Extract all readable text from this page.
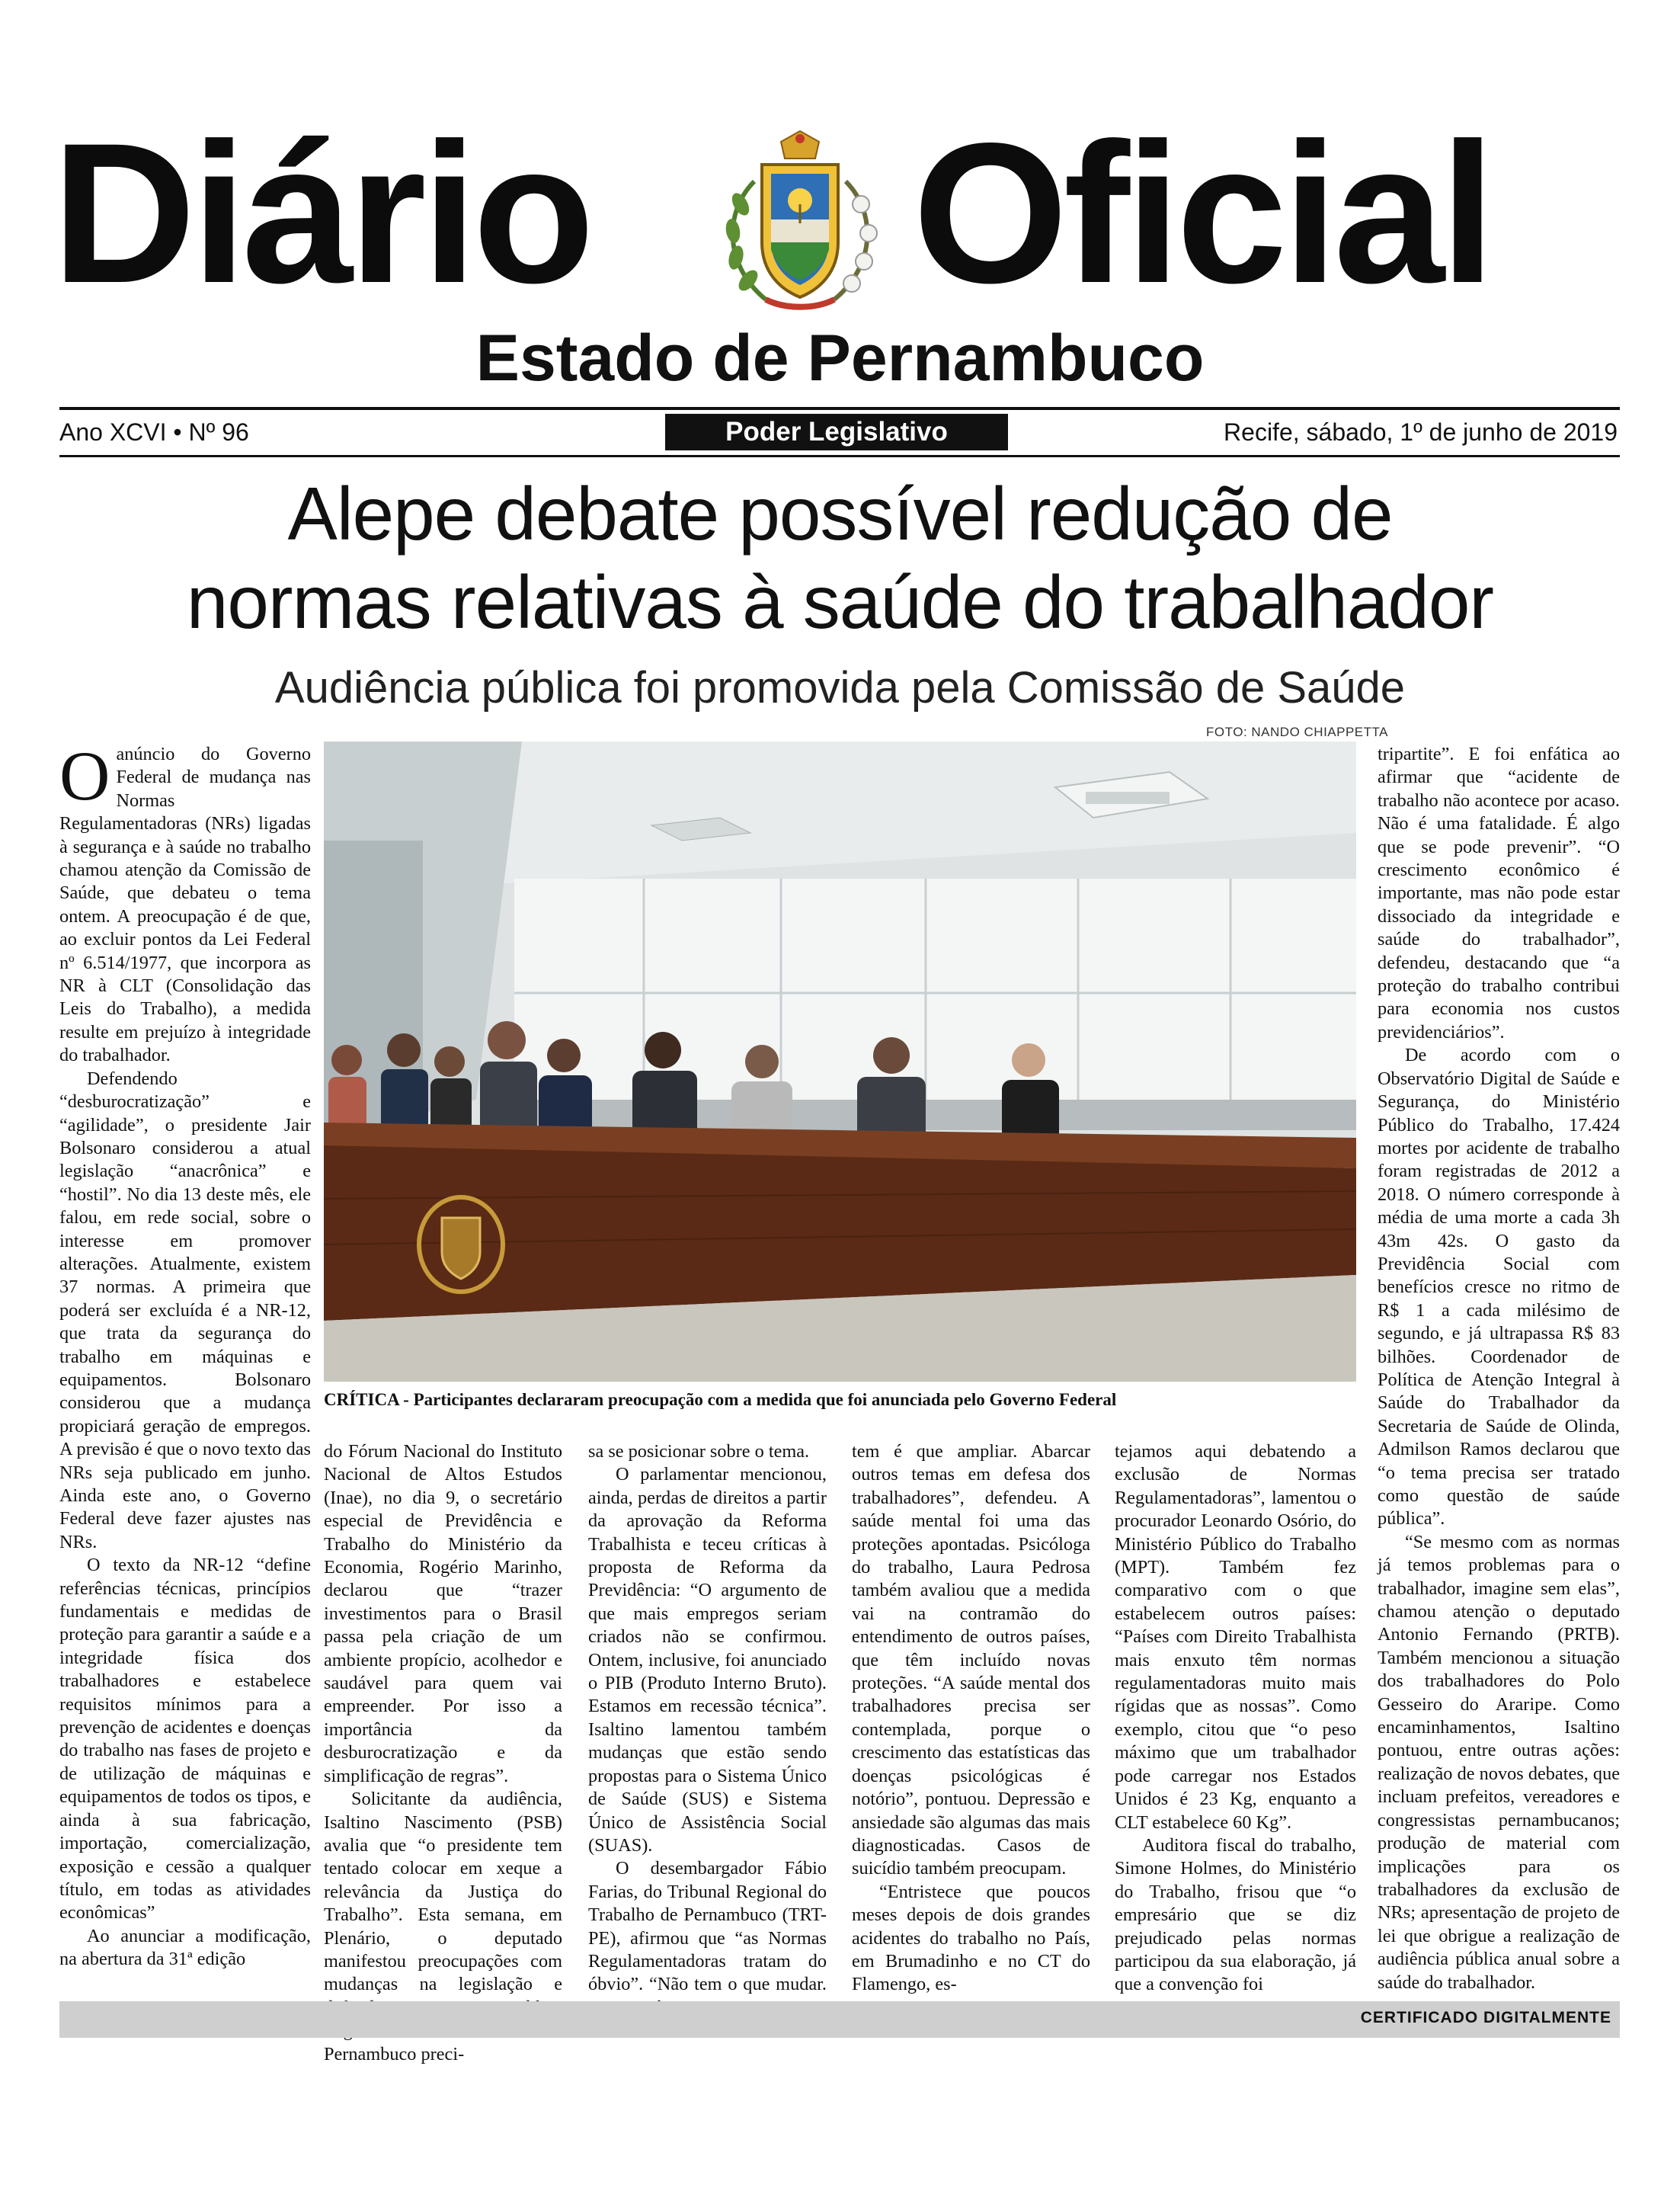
Diário Oficial
Estado de Pernambuco
Ano XCVI • Nº 96	Poder Legislativo	Recife, sábado, 1º de junho de 2019
Alepe debate possível redução de
normas relativas à saúde do trabalhador
Audiência pública foi promovida pela Comissão de Saúde
FOTO: NANDO CHIAPPETTA
CRÍTICA - Participantes declararam preocupação com a medida que foi anunciada pelo Governo Federal

Oanúncio do Governo Federal de mudança nas Normas Regulamentadoras (NRs) ligadas à segurança e à saúde no trabalho chamou atenção da Comissão de Saúde, que debateu o tema ontem. A preocupação é de que, ao excluir pontos da Lei Federal nº 6.514/1977, que incorpora as NR à CLT (Consolidação das Leis do Trabalho), a medida resulte em prejuízo à integridade do trabalhador.

Defendendo “desburocratização” e “agilidade”, o presidente Jair Bolsonaro considerou a atual legislação “anacrônica” e “hostil”. No dia 13 deste mês, ele falou, em rede social, sobre o interesse em promover alterações. Atualmente, existem 37 normas. A primeira que poderá ser excluída é a NR-12, que trata da segurança do trabalho em máquinas e equipamentos. Bolsonaro considerou que a mudança propiciará geração de empregos. A previsão é que o novo texto das NRs seja publicado em junho. Ainda este ano, o Governo Federal deve fazer ajustes nas NRs.

O texto da NR-12 “define referências técnicas, princípios fundamentais e medidas de proteção para garantir a saúde e a integridade física dos trabalhadores e estabelece requisitos mínimos para a prevenção de acidentes e doenças do trabalho nas fases de projeto e de utilização de máquinas e equipamentos de todos os tipos, e ainda à sua fabricação, importação, comercialização, exposição e cessão a qualquer título, em todas as atividades econômicas”

Ao anunciar a modificação, na abertura da 31ª edição

do Fórum Nacional do Instituto Nacional de Altos Estudos (Inae), no dia 9, o secretário especial de Previdência e Trabalho do Ministério da Economia, Rogério Marinho, declarou que “trazer investimentos para o Brasil passa pela criação de um ambiente propício, acolhedor e saudável para quem vai empreender. Por isso a importância da desburocratização e da simplificação de regras”.

Solicitante da audiência, Isaltino Nascimento (PSB) avalia que “o presidente tem tentado colocar em xeque a relevância da Justiça do Trabalho”. Esta semana, em Plenário, o deputado manifestou preocupações com mudanças na legislação e Pernambuco preci-

sa se posicionar sobre o tema.

O parlamentar mencionou, ainda, perdas de direitos a partir da aprovação da Reforma Trabalhista e teceu críticas à proposta de Reforma da Previdência: “O argumento de que mais empregos seriam criados não se confirmou. Ontem, inclusive, foi anunciado o PIB (Produto Interno Bruto). Estamos em recessão técnica”. Isaltino lamentou também mudanças que estão sendo propostas para o Sistema Único de Saúde (SUS) e Sistema Único de Assistência Social (SUAS).

O desembargador Fábio Farias, do Tribunal Regional do Trabalho de Pernambuco (TRT-PE), afirmou que “as Normas Regulamentadoras tratam do óbvio”. “Não tem o que mudar.

tem é que ampliar. Abarcar outros temas em defesa dos trabalhadores”, defendeu. A saúde mental foi uma das proteções apontadas. Psicóloga do trabalho, Laura Pedrosa também avaliou que a medida vai na contramão do entendimento de outros países, que têm incluído novas proteções. “A saúde mental dos trabalhadores precisa ser contemplada, porque o crescimento das estatísticas das doenças psicológicas é notório”, pontuou. Depressão e ansiedade são algumas das mais diagnosticadas. Casos de suicídio também preocupam.

“Entristece que poucos meses depois de dois grandes acidentes do trabalho no País, em Brumadinho e no CT do Flamengo, es-

tejamos aqui debatendo a exclusão de Normas Regulamentadoras”, lamentou o procurador Leonardo Osório, do Ministério Público do Trabalho (MPT). Também fez comparativo com o que estabelecem outros países: “Países com Direito Trabalhista mais enxuto têm normas regulamentadoras muito mais rígidas que as nossas”. Como exemplo, citou que “o peso máximo que um trabalhador pode carregar nos Estados Unidos é 23 Kg, enquanto a CLT estabelece 60 Kg”.

Auditora fiscal do trabalho, Simone Holmes, do Ministério do Trabalho, frisou que “o empresário que se diz prejudicado pelas normas participou da sua elaboração, já que a convenção foi

tripartite”. E foi enfática ao afirmar que “acidente de trabalho não acontece por acaso. Não é uma fatalidade. É algo que se pode prevenir”. “O crescimento econômico é importante, mas não pode estar dissociado da integridade e saúde do trabalhador”, defendeu, destacando que “a proteção do trabalho contribui para economia nos custos previdenciários”.

De acordo com o Observatório Digital de Saúde e Segurança, do Ministério Público do Trabalho, 17.424 mortes por acidente de trabalho foram registradas de 2012 a 2018. O número corresponde à média de uma morte a cada 3h 43m 42s. O gasto da Previdência Social com benefícios cresce no ritmo de R$ 1 a cada milésimo de segundo, e já ultrapassa R$ 83 bilhões. Coordenador de Política de Atenção Integral à Saúde do Trabalhador da Secretaria de Saúde de Olinda, Admilson Ramos declarou que “o tema precisa ser tratado como questão de saúde pública”.

“Se mesmo com as normas já temos problemas para o trabalhador, imagine sem elas”, chamou atenção o deputado Antonio Fernando (PRTB). Também mencionou a situação dos trabalhadores do Polo Gesseiro do Araripe. Como encaminhamentos, Isaltino pontuou, entre outras ações: realização de novos debates, que incluam prefeitos, vereadores e congressistas pernambucanos; produção de material com implicações para os trabalhadores da exclusão de NRs; apresentação de projeto de lei que obrigue a realização de audiência pública anual sobre a saúde do trabalhador.

CERTIFICADO DIGITALMENTE
